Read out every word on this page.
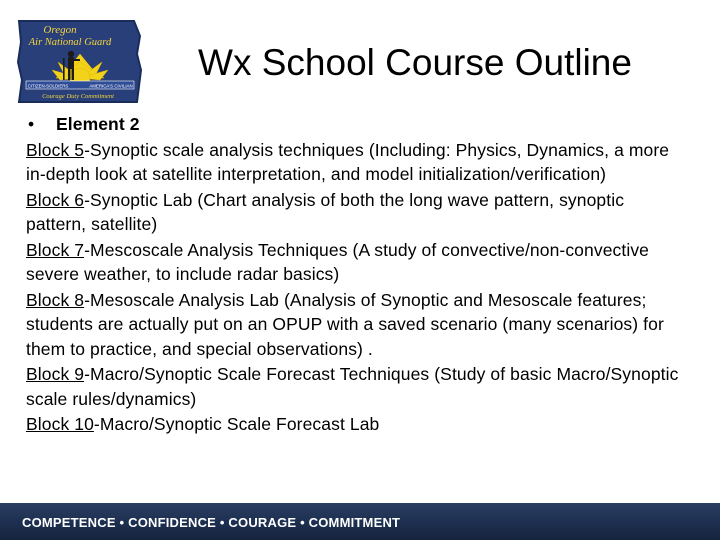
CITIZEN-SOLDIERS	AMERICA'S CIVILIAN
Oregon
Air National Guard
Courage Duty Commitment
Wx School Course Outline
•	Element 2

Block 5-Synoptic scale analysis techniques (Including: Physics, Dynamics, a more in-depth look at satellite interpretation, and model initialization/verification)

Block 6-Synoptic Lab (Chart analysis of both the long wave pattern, synoptic pattern, satellite)

Block 7-Mescoscale Analysis Techniques (A study of convective/non-convective severe weather, to include radar basics)

Block 8-Mesoscale Analysis Lab (Analysis of Synoptic and Mesoscale features; students are actually put on an OPUP with a saved scenario (many scenarios) for them to practice, and special observations) .

Block 9-Macro/Synoptic Scale Forecast Techniques (Study of basic Macro/Synoptic scale rules/dynamics)

Block 10-Macro/Synoptic Scale Forecast Lab

COMPETENCE • CONFIDENCE • COURAGE • COMMITMENT
